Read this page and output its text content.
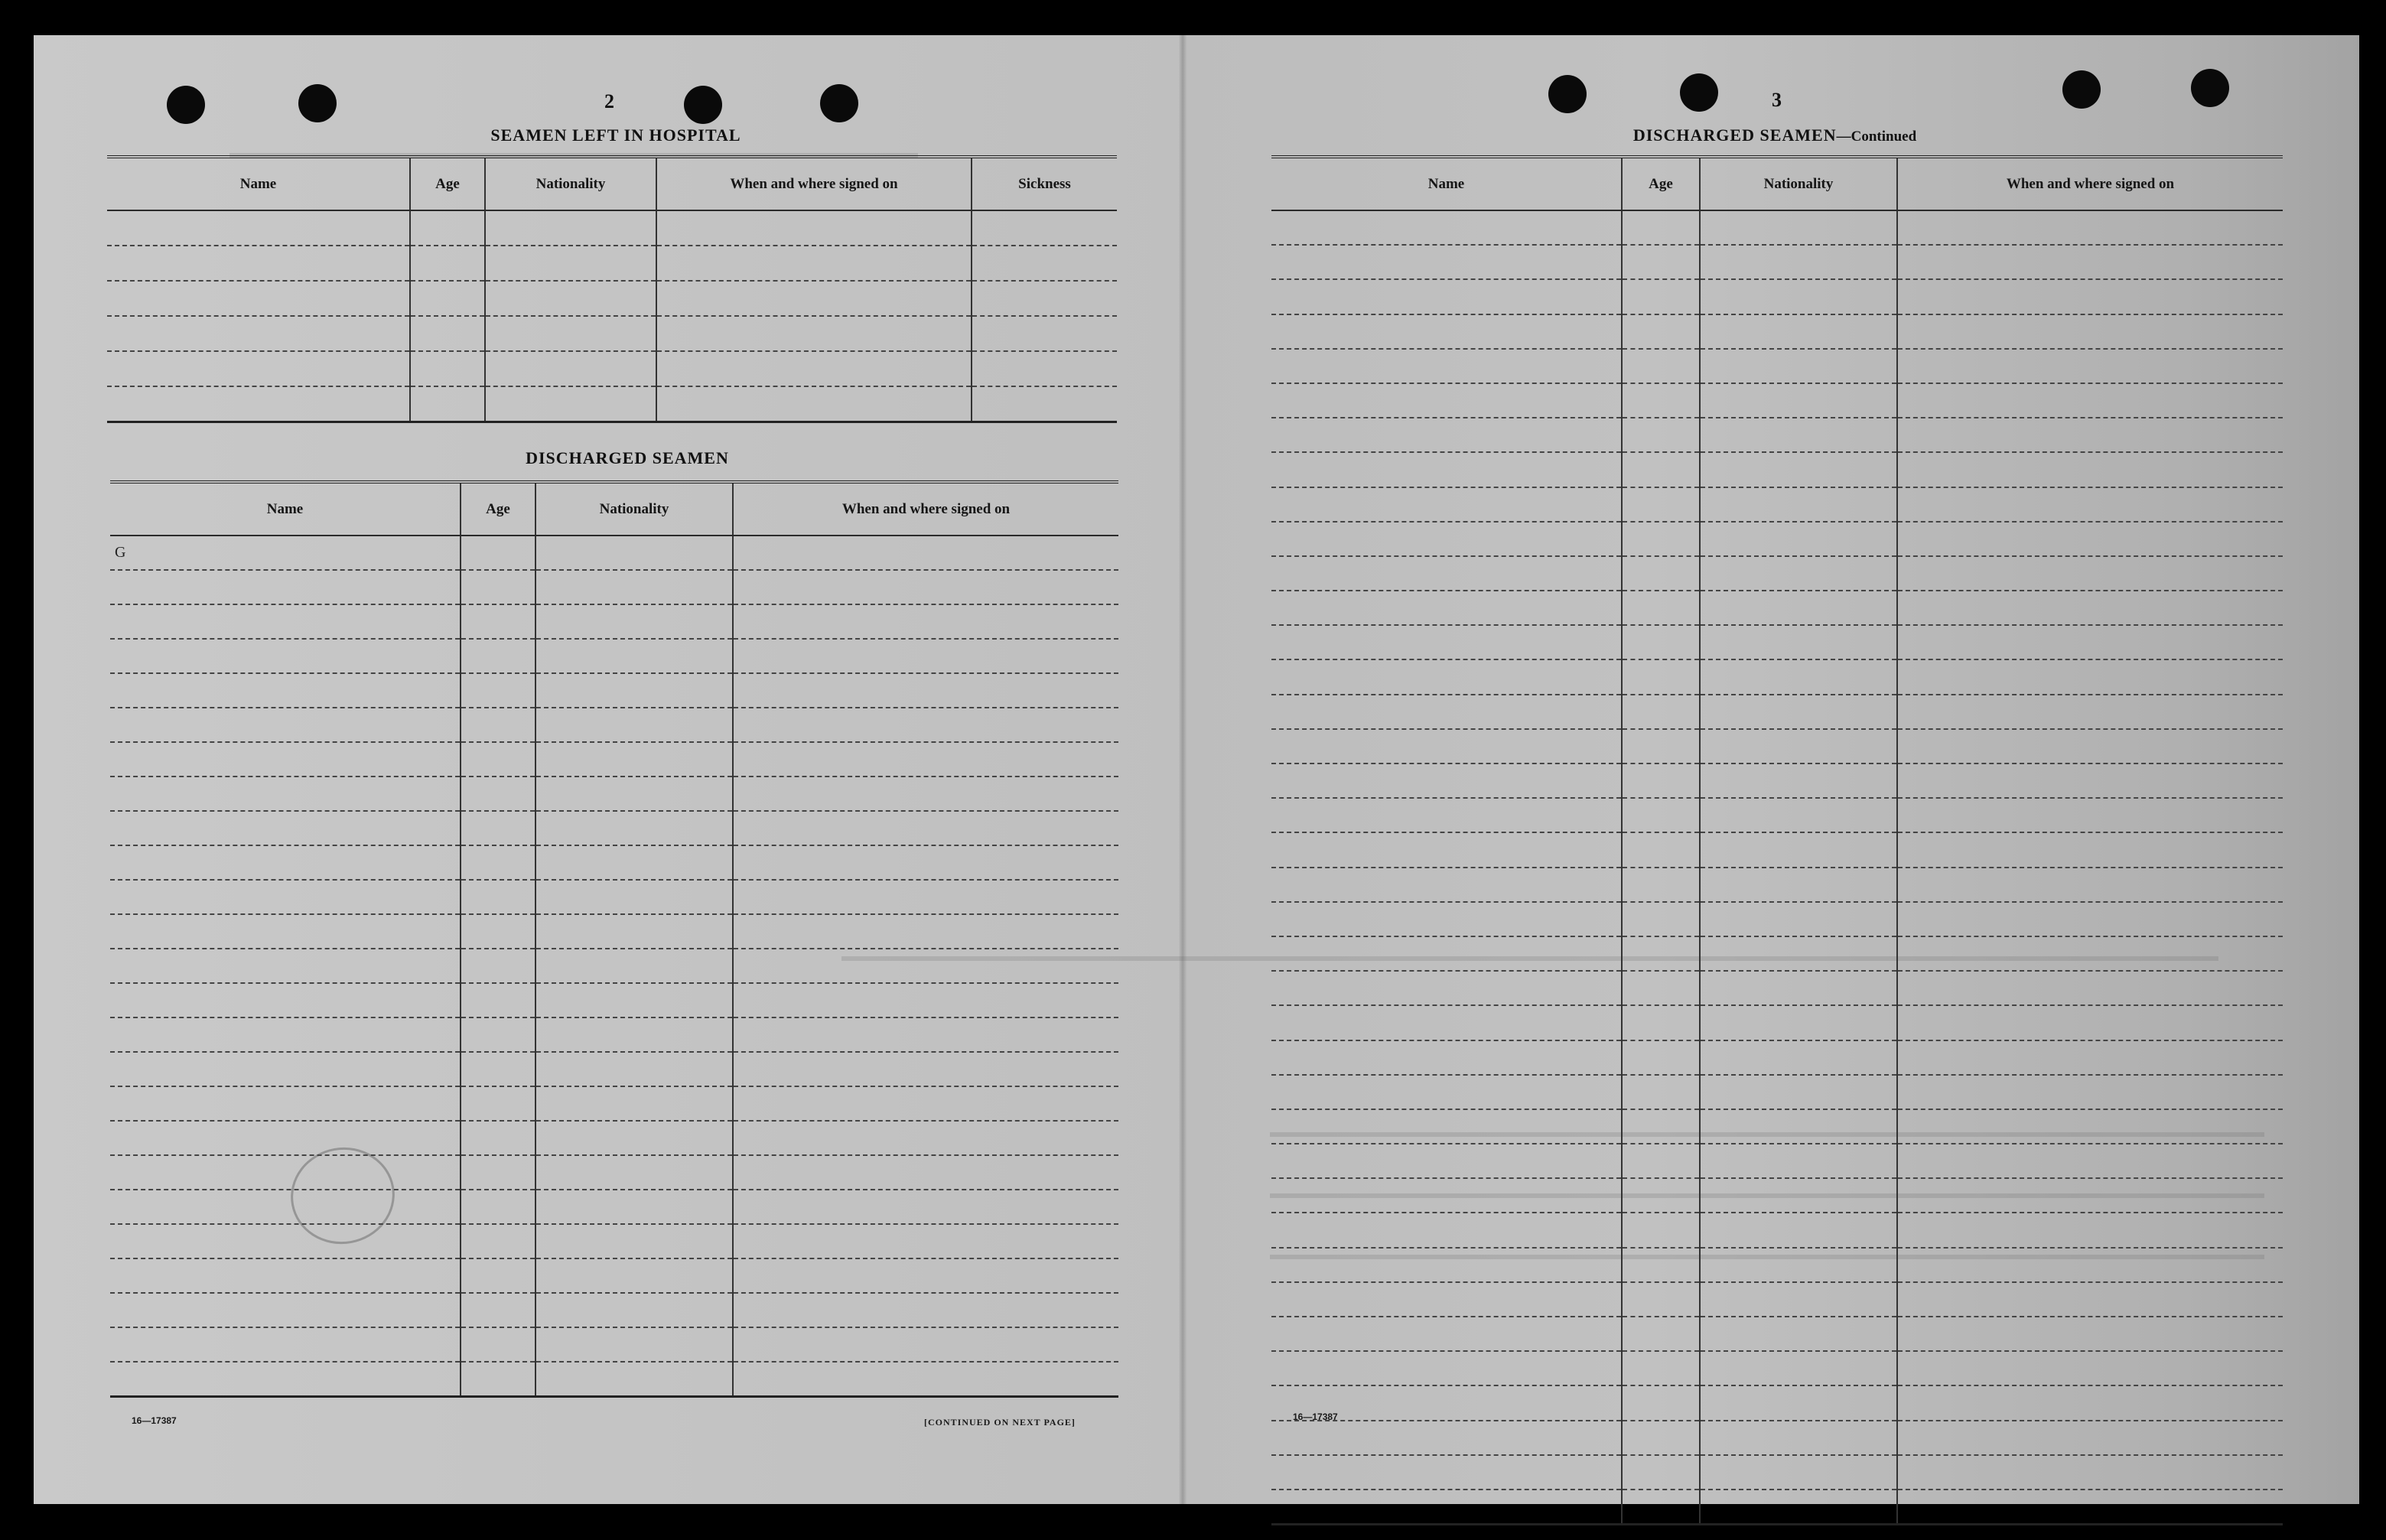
2
SEAMEN LEFT IN HOSPITAL
Name	Age	Nationality	When and where signed on	Sickness

DISCHARGED SEAMEN
Name	Age	Nationality	When and where signed on
G			

16—17387	[CONTINUED ON NEXT PAGE]
3
DISCHARGED SEAMEN—Continued
Name	Age	Nationality	When and where signed on

16—17387
